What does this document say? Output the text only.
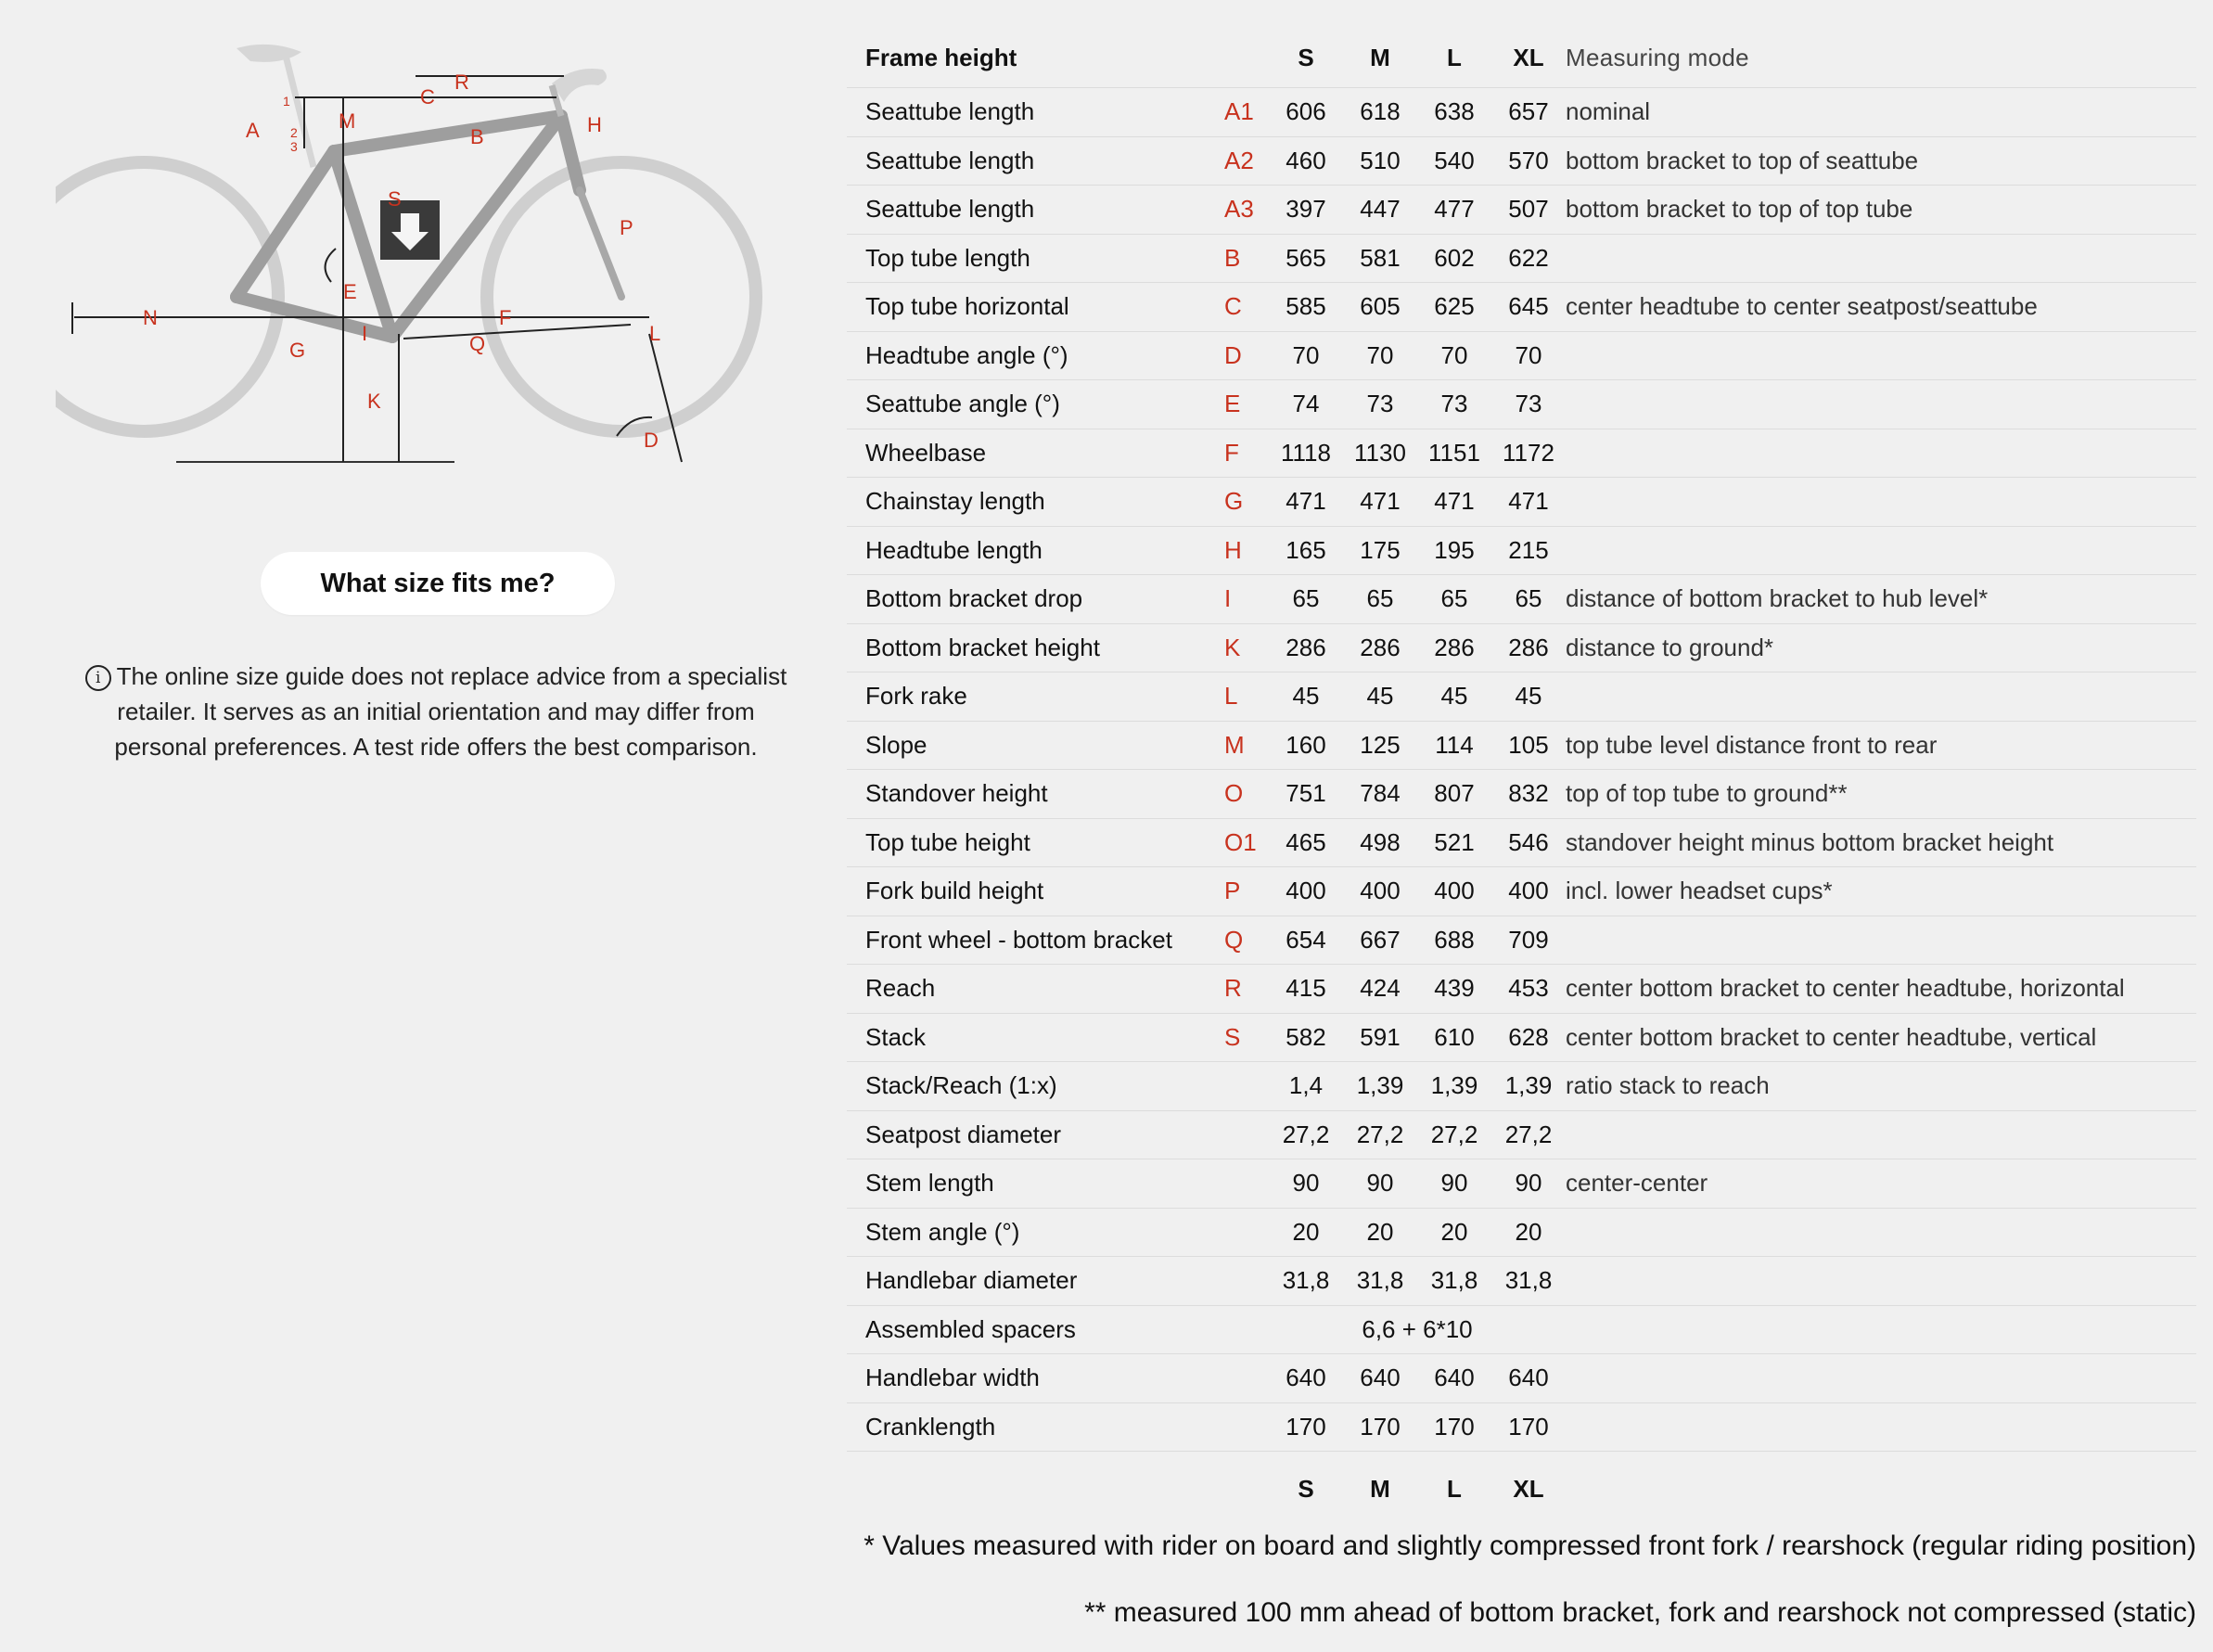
A
1
2
3
M
C
R
B
H
S
P
E
N	F
G
I	Q	L
K
D
What size fits me?
i The online size guide does not replace advice from a specialist retailer. It serves as an initial orientation and may differ from personal preferences. A test ride offers the best comparison.
Frame height		S	M	L	XL	Measuring mode
Seattube length	A1	606	618	638	657	nominal
Seattube length	A2	460	510	540	570	bottom bracket to top of seattube
Seattube length	A3	397	447	477	507	bottom bracket to top of top tube
Top tube length	B	565	581	602	622	
Top tube horizontal	C	585	605	625	645	center headtube to center seatpost/seattube
Headtube angle (°)	D	70	70	70	70	
Seattube angle (°)	E	74	73	73	73	
Wheelbase	F	1118	1130	1151	1172	
Chainstay length	G	471	471	471	471	
Headtube length	H	165	175	195	215	
Bottom bracket drop	I	65	65	65	65	distance of bottom bracket to hub level*
Bottom bracket height	K	286	286	286	286	distance to ground*
Fork rake	L	45	45	45	45	
Slope	M	160	125	114	105	top tube level distance front to rear
Standover height	O	751	784	807	832	top of top tube to ground**
Top tube height	O1	465	498	521	546	standover height minus bottom bracket height
Fork build height	P	400	400	400	400	incl. lower headset cups*
Front wheel - bottom bracket	Q	654	667	688	709	
Reach	R	415	424	439	453	center bottom bracket to center headtube, horizontal
Stack	S	582	591	610	628	center bottom bracket to center headtube, vertical
Stack/Reach (1:x)		1,4	1,39	1,39	1,39	ratio stack to reach
Seatpost diameter		27,2	27,2	27,2	27,2	
Stem length		90	90	90	90	center-center
Stem angle (°)		20	20	20	20	
Handlebar diameter		31,8	31,8	31,8	31,8	
Assembled spacers		6,6 + 6*10				
Handlebar width		640	640	640	640	
Cranklength		170	170	170	170	
		S	M	L	XL	
* Values measured with rider on board and slightly compressed front fork / rearshock (regular riding position)
** measured 100 mm ahead of bottom bracket, fork and rearshock not compressed (static)
